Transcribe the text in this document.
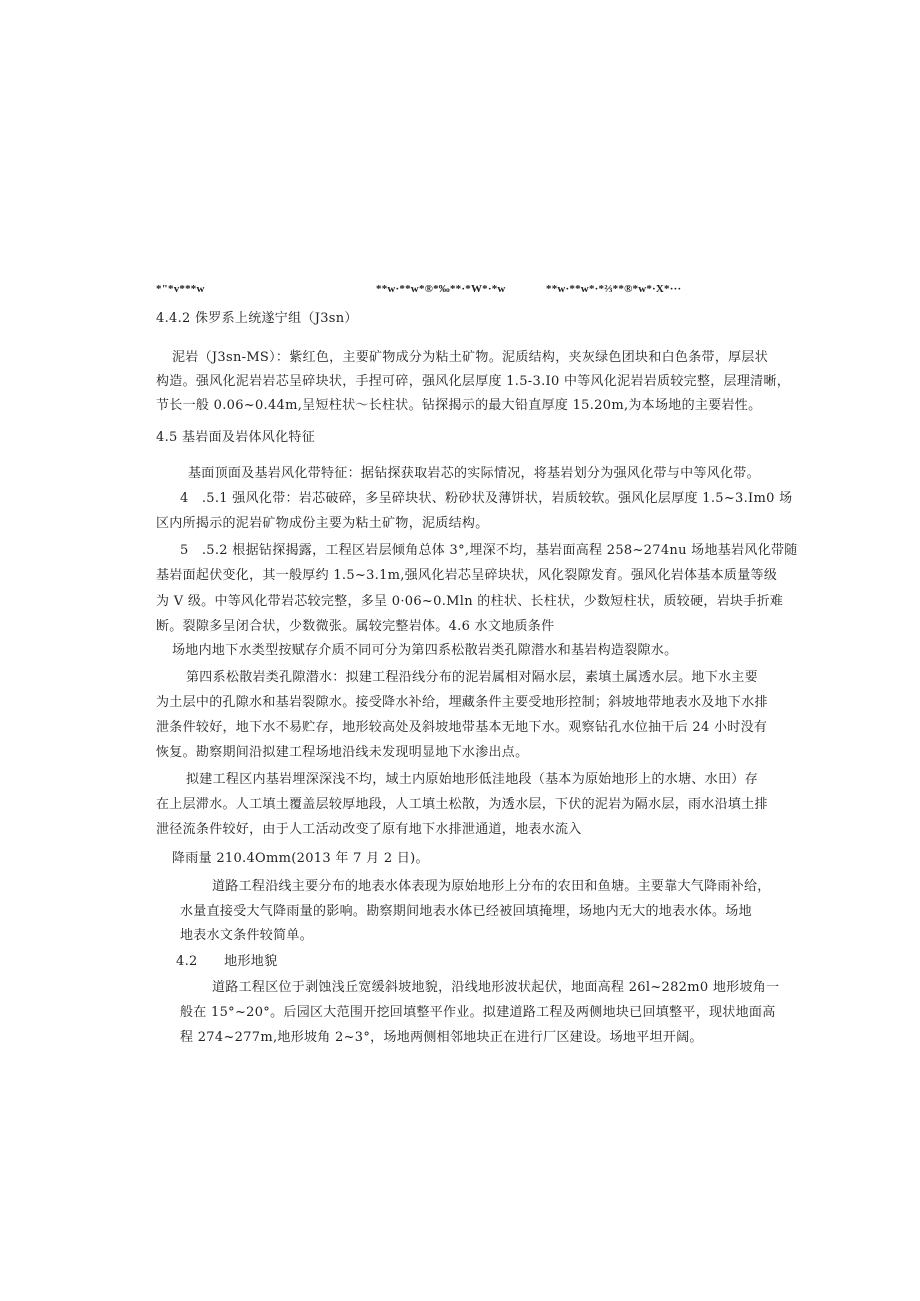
*"*v***w	**w·**w*®*‰**·*W*·*w	**w·**w*·*⅔**®*w*·X*···
4.4.2 侏罗系上统遂宁组（J3sn）
泥岩（J3sn-MS）：紫红色，主要矿物成分为粘土矿物。泥质结构，夹灰绿色团块和白色条带，厚层状
构造。强风化泥岩岩芯呈碎块状，手捏可碎，强风化层厚度 1.5-3.I0 中等风化泥岩岩质较完整，层理清晰，
节长一般 0.06~0.44m,呈短柱状～长柱状。钻探揭示的最大铅直厚度 15.20m,为本场地的主要岩性。
4.5 基岩面及岩体风化特征
基面顶面及基岩风化带特征：据钻探获取岩芯的实际情况，将基岩划分为强风化带与中等风化带。
4　.5.1 强风化带：岩芯破碎，多呈碎块状、粉砂状及薄饼状，岩质较软。强风化层厚度 1.5~3.Im0 场
区内所揭示的泥岩矿物成份主要为粘土矿物，泥质结构。
5　.5.2 根据钻探揭露，工程区岩层倾角总体 3°,埋深不均，基岩面高程 258~274nu 场地基岩风化带随
基岩面起伏变化，其一般厚约 1.5~3.1m,强风化岩芯呈碎块状，风化裂隙发育。强风化岩体基本质量等级
为 V 级。中等风化带岩芯较完整，多呈 0·06~0.Mln 的柱状、长柱状，少数短柱状，质较硬，岩块手折难
断。裂隙多呈闭合状，少数微张。属较完整岩体。4.6 水文地质条件
场地内地下水类型按赋存介质不同可分为第四系松散岩类孔隙潜水和基岩构造裂隙水。
第四系松散岩类孔隙潜水：拟建工程沿线分布的泥岩属相对隔水层，素填土属透水层。地下水主要
为土层中的孔隙水和基岩裂隙水。接受降水补给，埋藏条件主要受地形控制；斜坡地带地表水及地下水排
泄条件较好，地下水不易贮存，地形较高处及斜坡地带基本无地下水。观察钻孔水位抽干后 24 小时没有
恢复。勘察期间沿拟建工程场地沿线未发现明显地下水渗出点。
拟建工程区内基岩埋深深浅不均，域土内原始地形低洼地段（基本为原始地形上的水塘、水田）存
在上层滞水。人工填土覆盖层较厚地段，人工填土松散，为透水层，下伏的泥岩为隔水层，雨水沿填土排
泄径流条件较好，由于人工活动改变了原有地下水排泄通道，地表水流入
降雨量 210.4Omm(2013 年 7 月 2 日)。
道路工程沿线主要分布的地表水体表现为原始地形上分布的农田和鱼塘。主要靠大气降雨补给，
水量直接受大气降雨量的影响。勘察期间地表水体已经被回填掩埋，场地内无大的地表水体。场地
地表水文条件较简单。
4.2　　地形地貌
道路工程区位于剥蚀浅丘宽缓斜坡地貌，沿线地形波状起伏，地面高程 26l~282m0 地形坡角一
般在 15°~20°。后园区大范围开挖回填整平作业。拟建道路工程及两侧地块已回填整平，现状地面高
程 274~277m,地形坡角 2~3°，场地两侧相邻地块正在进行厂区建设。场地平坦开阔。
